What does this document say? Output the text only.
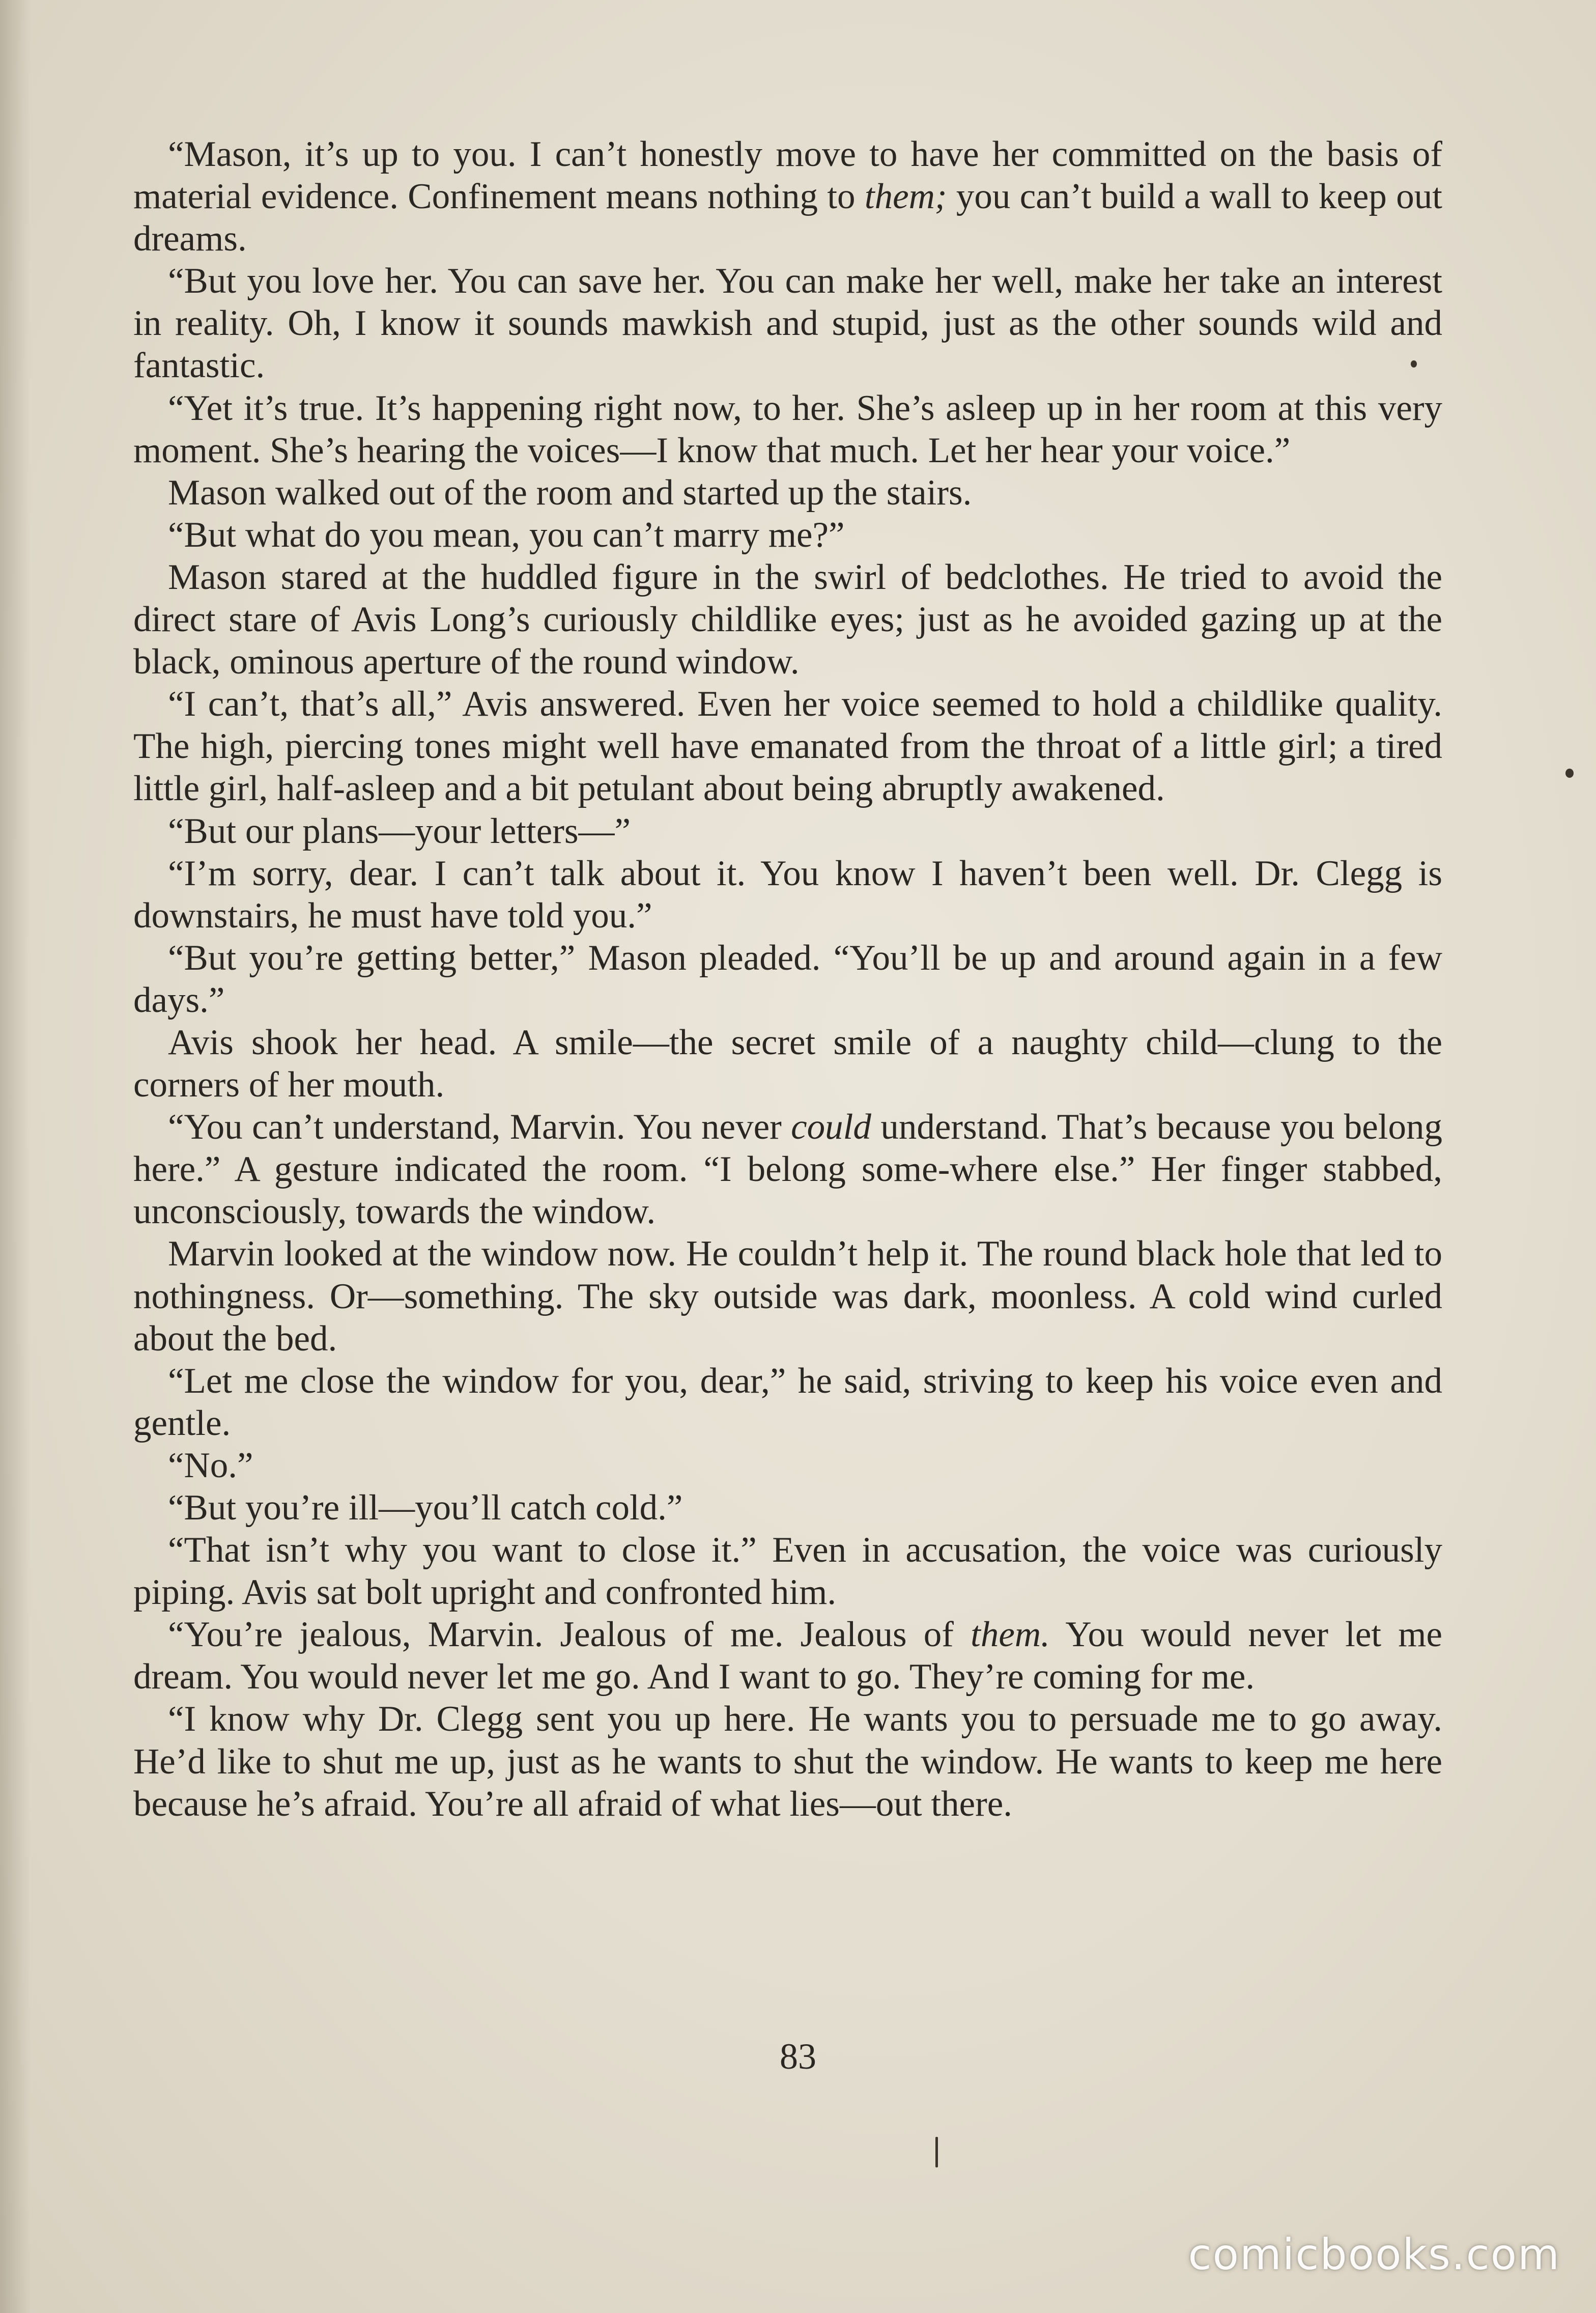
“Mason, it’s up to you. I can’t honestly move to have her committed on the basis of material evidence. Confinement means nothing to them; you can’t build a wall to keep out dreams.

“But you love her. You can save her. You can make her well, make her take an interest in reality. Oh, I know it sounds mawkish and stupid, just as the other sounds wild and fantastic.

“Yet it’s true. It’s happening right now, to her. She’s asleep up in her room at this very moment. She’s hearing the voices—I know that much. Let her hear your voice.”

Mason walked out of the room and started up the stairs.

“But what do you mean, you can’t marry me?”

Mason stared at the huddled figure in the swirl of bedclothes. He tried to avoid the direct stare of Avis Long’s curiously childlike eyes; just as he avoided gazing up at the black, ominous aperture of the round window.

“I can’t, that’s all,” Avis answered. Even her voice seemed to hold a childlike quality. The high, piercing tones might well have emanated from the throat of a little girl; a tired little girl, half-asleep and a bit petulant about being abruptly awakened.

“But our plans—your letters—”

“I’m sorry, dear. I can’t talk about it. You know I haven’t been well. Dr. Clegg is downstairs, he must have told you.”

“But you’re getting better,” Mason pleaded. “You’ll be up and around again in a few days.”

Avis shook her head. A smile—the secret smile of a naughty child—clung to the corners of her mouth.

“You can’t understand, Marvin. You never could understand. That’s because you belong here.” A gesture indicated the room. “I belong some-where else.” Her finger stabbed, unconsciously, towards the window.

Marvin looked at the window now. He couldn’t help it. The round black hole that led to nothingness. Or—something. The sky outside was dark, moonless. A cold wind curled about the bed.

“Let me close the window for you, dear,” he said, striving to keep his voice even and gentle.

“No.”

“But you’re ill—you’ll catch cold.”

“That isn’t why you want to close it.” Even in accusation, the voice was curiously piping. Avis sat bolt upright and confronted him.

“You’re jealous, Marvin. Jealous of me. Jealous of them. You would never let me dream. You would never let me go. And I want to go. They’re coming for me.

“I know why Dr. Clegg sent you up here. He wants you to persuade me to go away. He’d like to shut me up, just as he wants to shut the window. He wants to keep me here because he’s afraid. You’re all afraid of what lies—out there.

83
comicbooks.com
